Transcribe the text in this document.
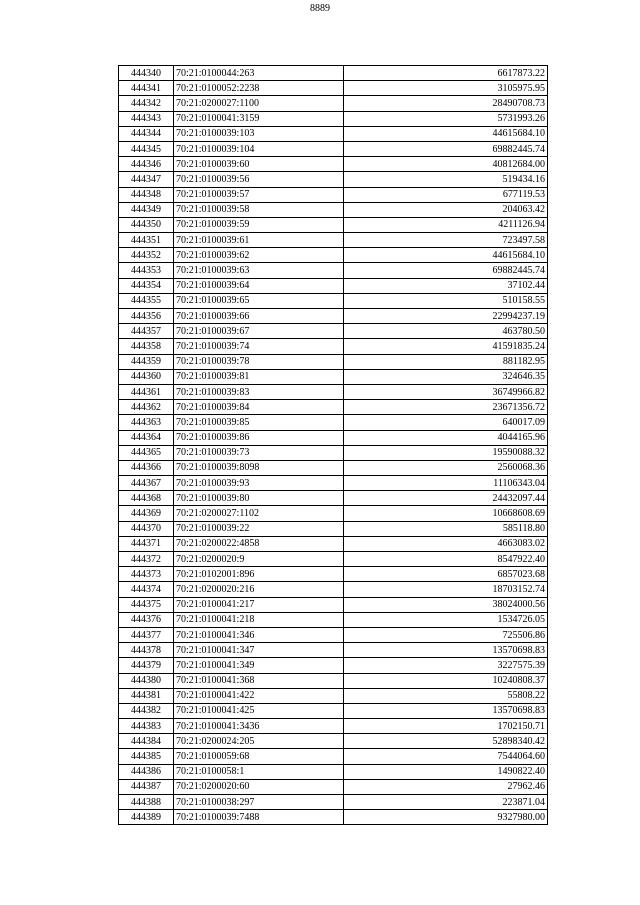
8889
444340	70:21:0100044:263	6617873.22
444341	70:21:0100052:2238	3105975.95
444342	70:21:0200027:1100	28490708.73
444343	70:21:0100041:3159	5731993.26
444344	70:21:0100039:103	44615684.10
444345	70:21:0100039:104	69882445.74
444346	70:21:0100039:60	40812684.00
444347	70:21:0100039:56	519434.16
444348	70:21:0100039:57	677119.53
444349	70:21:0100039:58	204063.42
444350	70:21:0100039:59	4211126.94
444351	70:21:0100039:61	723497.58
444352	70:21:0100039:62	44615684.10
444353	70:21:0100039:63	69882445.74
444354	70:21:0100039:64	37102.44
444355	70:21:0100039:65	510158.55
444356	70:21:0100039:66	22994237.19
444357	70:21:0100039:67	463780.50
444358	70:21:0100039:74	41591835.24
444359	70:21:0100039:78	881182.95
444360	70:21:0100039:81	324646.35
444361	70:21:0100039:83	36749966.82
444362	70:21:0100039:84	23671356.72
444363	70:21:0100039:85	640017.09
444364	70:21:0100039:86	4044165.96
444365	70:21:0100039:73	19590088.32
444366	70:21:0100039:8098	2560068.36
444367	70:21:0100039:93	11106343.04
444368	70:21:0100039:80	24432097.44
444369	70:21:0200027:1102	10668608.69
444370	70:21:0100039:22	585118.80
444371	70:21:0200022:4858	4663083.02
444372	70:21:0200020:9	8547922.40
444373	70:21:0102001:896	6857023.68
444374	70:21:0200020:216	18703152.74
444375	70:21:0100041:217	38024000.56
444376	70:21:0100041:218	1534726.05
444377	70:21:0100041:346	725506.86
444378	70:21:0100041:347	13570698.83
444379	70:21:0100041:349	3227575.39
444380	70:21:0100041:368	10240808.37
444381	70:21:0100041:422	55808.22
444382	70:21:0100041:425	13570698.83
444383	70:21:0100041:3436	1702150.71
444384	70:21:0200024:205	52898340.42
444385	70:21:0100059:68	7544064.60
444386	70:21:0100058:1	1490822.40
444387	70:21:0200020:60	27962.46
444388	70:21:0100038:297	223871.04
444389	70:21:0100039:7488	9327980.00
